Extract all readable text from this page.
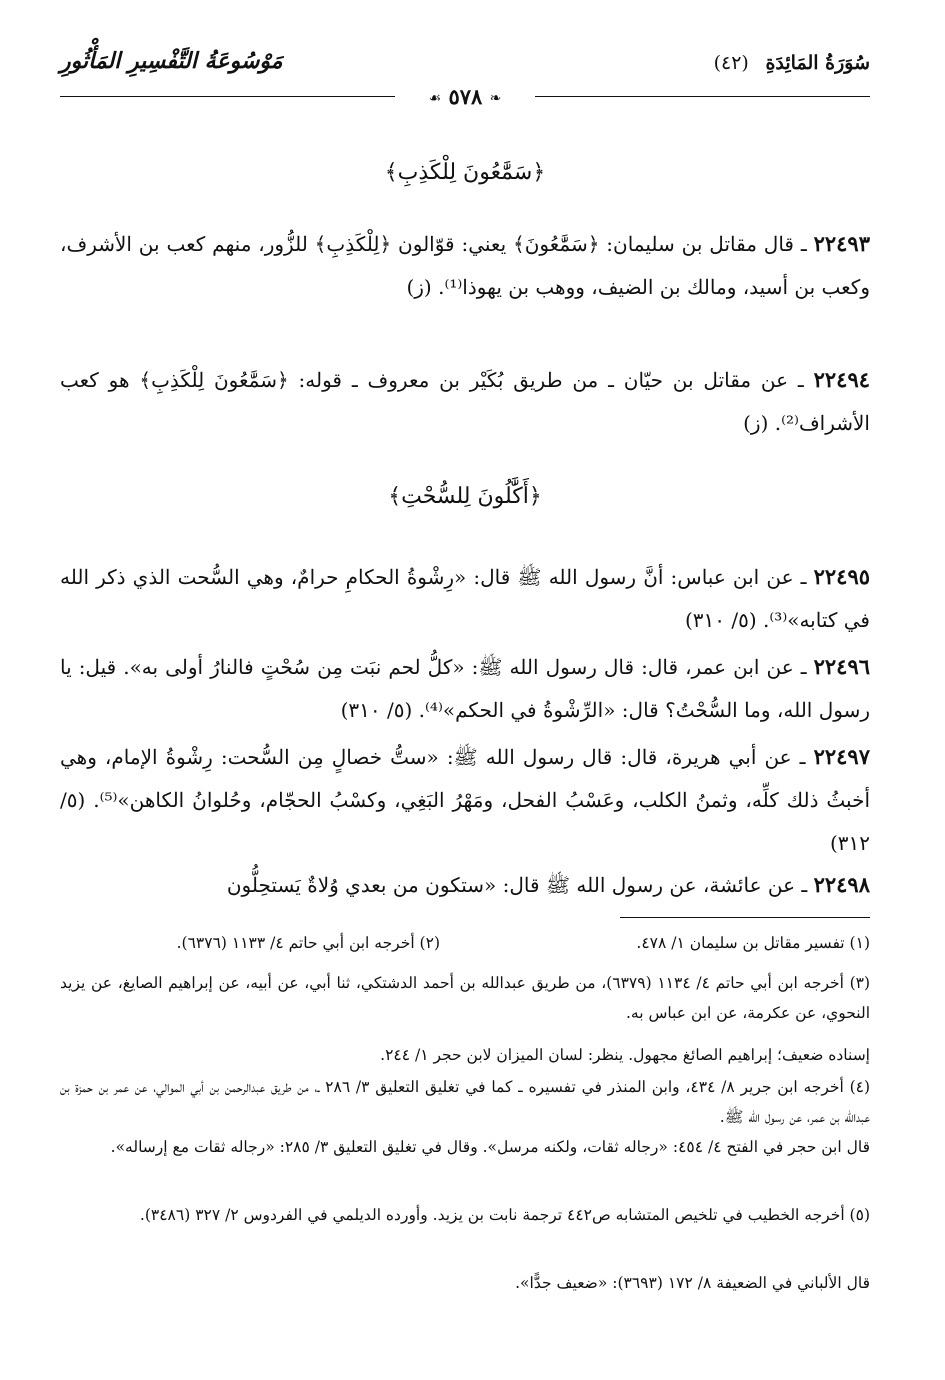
سُوَرَةُ المَائِدَةِ (٤٢)
مَوْسُوعَةُ التَّفْسِيرِ المَأْثُورِ
❧ ٥٧٨ ☙
﴿سَمَّٰعُونَ لِلْكَذِبِ﴾
٢٢٤٩٣ ـ قال مقاتل بن سليمان: ﴿سَمَّٰعُونَ﴾ يعني: قوّالون ﴿لِلْكَذِبِ﴾ للزُّور، منهم كعب بن الأشرف، وكعب بن أسيد، ومالك بن الضيف، ووهب بن يهوذا⁽¹⁾. (ز)
٢٢٤٩٤ ـ عن مقاتل بن حيّان ـ من طريق بُكَيْر بن معروف ـ قوله: ﴿سَمَّٰعُونَ لِلْكَذِبِ﴾ هو كعب الأشراف⁽²⁾. (ز)
﴿أَكَّٰلُونَ لِلسُّحْتِ﴾
٢٢٤٩٥ ـ عن ابن عباس: أنَّ رسول الله ﷺ قال: «رِشْوةُ الحكامِ حرامٌ، وهي السُّحت الذي ذكر الله في كتابه»⁽³⁾. (٥/ ٣١٠)
٢٢٤٩٦ ـ عن ابن عمر، قال: قال رسول الله ﷺ: «كلُّ لحم نبَت مِن سُحْتٍ فالنارُ أولى به». قيل: يا رسول الله، وما السُّحْتُ؟ قال: «الرِّشْوةُ في الحكم»⁽⁴⁾. (٥/ ٣١٠)
٢٢٤٩٧ ـ عن أبي هريرة، قال: قال رسول الله ﷺ: «ستُّ خصالٍ مِن السُّحت: رِشْوةُ الإمام، وهي أخبثُ ذلك كلِّه، وثمنُ الكلب، وعَسْبُ الفحل، ومَهْرُ البَغِي، وكسْبُ الحجّام، وحُلوانُ الكاهن»⁽⁵⁾. (٥/ ٣١٢)
٢٢٤٩٨ ـ عن عائشة، عن رسول الله ﷺ قال: «ستكون من بعدي وُلاةٌ يَستحِلُّون
(١) تفسير مقاتل بن سليمان ١/ ٤٧٨.
(٢) أخرجه ابن أبي حاتم ٤/ ١١٣٣ (٦٣٧٦).
(٣) أخرجه ابن أبي حاتم ٤/ ١١٣٤ (٦٣٧٩)، من طريق عبدالله بن أحمد الدشتكي، ثنا أبي، عن أبيه، عن إبراهيم الصايغ، عن يزيد النحوي، عن عكرمة، عن ابن عباس به.
إسناده ضعيف؛ إبراهيم الصائغ مجهول. ينظر: لسان الميزان لابن حجر ١/ ٢٤٤.
(٤) أخرجه ابن جرير ٨/ ٤٣٤، وابن المنذر في تفسيره ـ كما في تغليق التعليق ٣/ ٢٨٦ ـ، من طريق عبدالرحمن بن أبي الموالي، عن عمر بن حمزة بن عبدالله بن عمر، عن رسول الله ﷺ.
قال ابن حجر في الفتح ٤/ ٤٥٤: «رجاله ثقات، ولكنه مرسل». وقال في تغليق التعليق ٣/ ٢٨٥: «رجاله ثقات مع إرساله».
(٥) أخرجه الخطيب في تلخيص المتشابه ص٤٤٢ ترجمة نابت بن يزيد. وأورده الديلمي في الفردوس ٢/ ٣٢٧ (٣٤٨٦).
قال الألباني في الضعيفة ٨/ ١٧٢ (٣٦٩٣): «ضعيف جدًّا».
